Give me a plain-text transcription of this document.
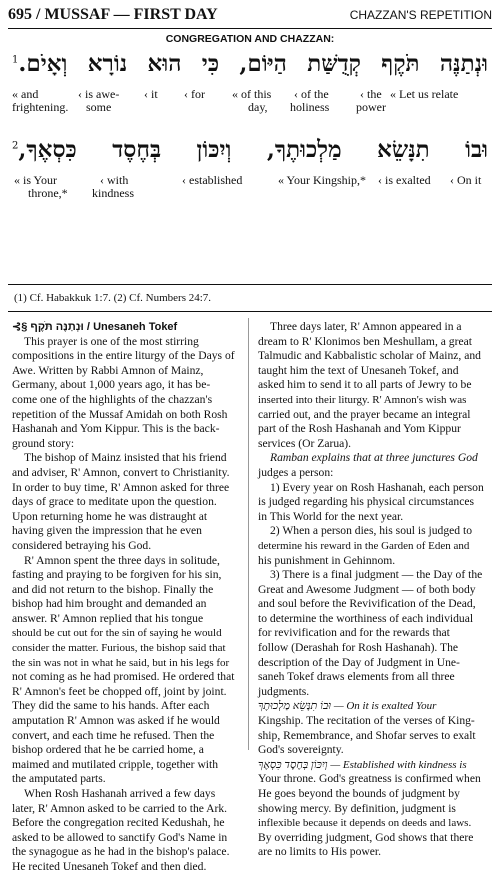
695 / MUSSAF — FIRST DAY	CHAZZAN'S REPETITION
CONGREGATION AND CHAZZAN:
וּנְתַנֶּה תֹּקֶף קְדֻשַּׁת הַיּוֹם, כִּי הוּא נוֹרָא וְאָיֹם.$^1$
« and
frightening.
‹ is awe-
some
‹ it ‹ for « of this
day,
‹ of the
holiness
‹ the
power
« Let us relate
וּבוֹ תִנָּשֵׂא מַלְכוּתֶךָ, וְיִכּוֹן בְּחֶסֶד כִּסְאֶךָ,$^2$
« is Your
throne,*
‹ with
kindness
‹ established	« Your Kingship,* ‹ is exalted ‹ On it
(1) Cf. Habakkuk 1:7. (2) Cf. Numbers 24:7.
⊰§ וּנְתַנֶּה תֹּקֶף / Unesaneh Tokef
This prayer is one of the most stirring
compositions in the entire liturgy of the Days of
Awe. Written by Rabbi Amnon of Mainz,
Germany, about 1,000 years ago, it has be-
come one of the highlights of the chazzan's
repetition of the Mussaf Amidah on both Rosh
Hashanah and Yom Kippur. This is the back-
ground story:
The bishop of Mainz insisted that his friend
and adviser, R' Amnon, convert to Christianity.
In order to buy time, R' Amnon asked for three
days of grace to meditate upon the question.
Upon returning home he was distraught at
having given the impression that he even
considered betraying his God.
R' Amnon spent the three days in solitude,
fasting and praying to be forgiven for his sin,
and did not return to the bishop. Finally the
bishop had him brought and demanded an
answer. R' Amnon replied that his tongue
should be cut out for the sin of saying he would
consider the matter. Furious, the bishop said that
the sin was not in what he said, but in his legs for
not coming as he had promised. He ordered that
R' Amnon's feet be chopped off, joint by joint.
They did the same to his hands. After each
amputation R' Amnon was asked if he would
convert, and each time he refused. Then the
bishop ordered that he be carried home, a
maimed and mutilated cripple, together with
the amputated parts.
When Rosh Hashanah arrived a few days
later, R' Amnon asked to be carried to the Ark.
Before the congregation recited Kedushah, he
asked to be allowed to sanctify God's Name in
the synagogue as he had in the bishop's palace.
He recited Unesaneh Tokef and then died.
Three days later, R' Amnon appeared in a
dream to R' Klonimos ben Meshullam, a great
Talmudic and Kabbalistic scholar of Mainz, and
taught him the text of Unesaneh Tokef, and
asked him to send it to all parts of Jewry to be
inserted into their liturgy. R' Amnon's wish was
carried out, and the prayer became an integral
part of the Rosh Hashanah and Yom Kippur
services (Or Zarua).
Ramban explains that at three junctures God
judges a person:
1) Every year on Rosh Hashanah, each person
is judged regarding his physical circumstances
in This World for the next year.
2) When a person dies, his soul is judged to
determine his reward in the Garden of Eden and
his punishment in Gehinnom.
3) There is a final judgment — the Day of the
Great and Awesome Judgment — of both body
and soul before the Revivification of the Dead,
to determine the worthiness of each individual
for revivification and for the rewards that
follow (Derashah for Rosh Hashanah). The
description of the Day of Judgment in Une-
saneh Tokef draws elements from all three
judgments.
וּבוֹ תִנָּשֵׂא מַלְכוּתֶךָ — On it is exalted Your
Kingship. The recitation of the verses of King-
ship, Remembrance, and Shofar serves to exalt
God's sovereignty.
וְיִכּוֹן בְּחֶסֶד כִּסְאֶךָ — Established with kindness is
Your throne. God's greatness is confirmed when
He goes beyond the bounds of judgment by
showing mercy. By definition, judgment is
inflexible because it depends on deeds and laws.
By overriding judgment, God shows that there
are no limits to His power.
